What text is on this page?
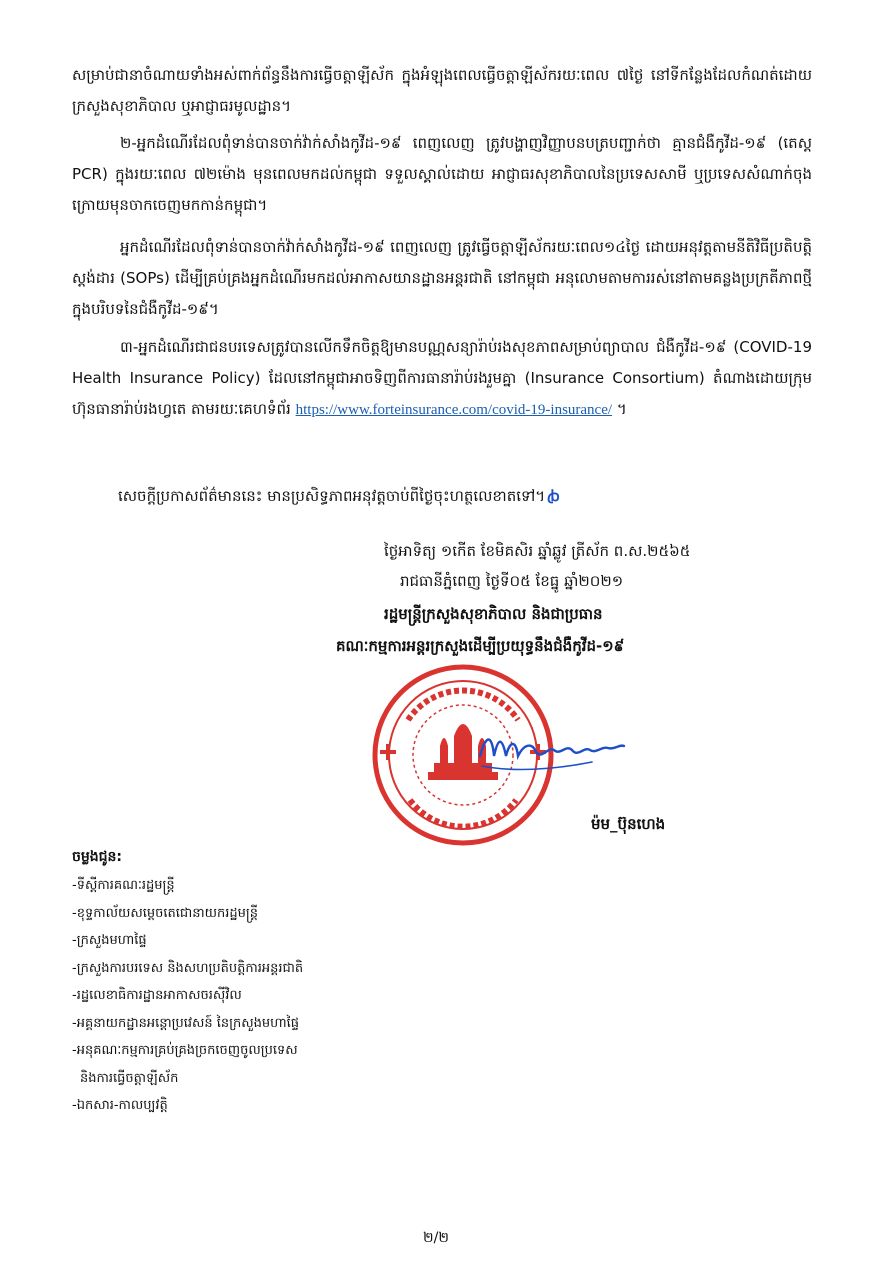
សម្រាប់ជានាចំណាយទាំងអស់ពាក់ព័ន្ធនឹងការធ្វើចត្តាឡីស័ក ក្នុងអំឡុងពេលធ្វើចត្តាឡីស័ករយៈពេល ៧ថ្ងៃ នៅទីកន្លែងដែលកំណត់ដោយក្រសួងសុខាភិបាល ឬអាជ្ញាធរមូលដ្ឋាន។

២-អ្នកដំណើរដែលពុំទាន់បានចាក់វ៉ាក់សាំងកូវីដ-១៩ ពេញលេញ ត្រូវបង្ហាញវិញ្ញាបនបត្របញ្ជាក់ថា គ្មានជំងឺកូវីដ-១៩ (តេស្ត PCR) ក្នុងរយៈពេល ៧២ម៉ោង មុនពេលមកដល់កម្ពុជា ទទួលស្គាល់ដោយ អាជ្ញាធរសុខាភិបាលនៃប្រទេសសាមី ឬប្រទេសសំណាក់ចុងក្រោយមុនចាកចេញមកកាន់កម្ពុជា។

អ្នកដំណើរដែលពុំទាន់បានចាក់វ៉ាក់សាំងកូវីដ-១៩ ពេញលេញ ត្រូវធ្វើចត្តាឡីស័ករយៈពេល១៤ថ្ងៃ ដោយអនុវត្តតាមនីតិវិធីប្រតិបត្តិស្តង់ដារ (SOPs) ដើម្បីគ្រប់គ្រងអ្នកដំណើរមកដល់អាកាសយានដ្ឋានអន្តរជាតិ នៅកម្ពុជា អនុលោមតាមការរស់នៅតាមគន្លងប្រក្រតីភាពថ្មីក្នុងបរិបទនៃជំងឺកូវីដ-១៩។

៣-អ្នកដំណើរជាជនបរទេសត្រូវបានលើកទឹកចិត្តឱ្យមានបណ្ណសន្យារ៉ាប់រងសុខភាពសម្រាប់ព្យាបាល ជំងឺកូវីដ-១៩ (COVID-19 Health Insurance Policy) ដែលនៅកម្ពុជាអាចទិញពីការធានារ៉ាប់រងរួមគ្នា (Insurance Consortium) តំណាងដោយក្រុមហ៊ុនធានារ៉ាប់រងហ្វតេ តាមរយៈគេហទំព័រ https://www.forteinsurance.com/covid-19-insurance/ ។

សេចក្ដីប្រកាសព័ត៌មាននេះ មានប្រសិទ្ធភាពអនុវត្តចាប់ពីថ្ងៃចុះហត្ថលេខាតទៅ។ ꞗ
ថ្ងៃអាទិត្យ ១កើត ខែមិគសិរ ឆ្នាំឆ្លូវ ត្រីស័ក ព.ស.២៥៦៥
រាជធានីភ្នំពេញ ថ្ងៃទី០៥ ខែធ្នូ ឆ្នាំ២០២១
រដ្ឋមន្ត្រីក្រសួងសុខាភិបាល និងជាប្រធាន
គណៈកម្មការអន្តរក្រសួងដើម្បីប្រយុទ្ធនឹងជំងឺកូវីដ-១៩
ម៉ម_ប៊ុនហេង
ចម្លងជូន:
-ទីស្ដីការគណៈរដ្ឋមន្ត្រី
-ខុទ្ទកាល័យសម្ដេចតេជោនាយករដ្ឋមន្ត្រី
-ក្រសួងមហាផ្ទៃ
-ក្រសួងការបរទេស និងសហប្រតិបត្តិការអន្តរជាតិ
-រដ្ឋលេខាធិការដ្ឋានអាកាសចរស៊ីវិល
-អគ្គនាយកដ្ឋានអន្តោប្រវេសន៍ នៃក្រសួងមហាផ្ទៃ
-អនុគណៈកម្មការគ្រប់គ្រងច្រកចេញចូលប្រទេស
និងការធ្វើចត្តាឡីស័ក
-ឯកសារ-កាលប្បវត្តិ
២/២
